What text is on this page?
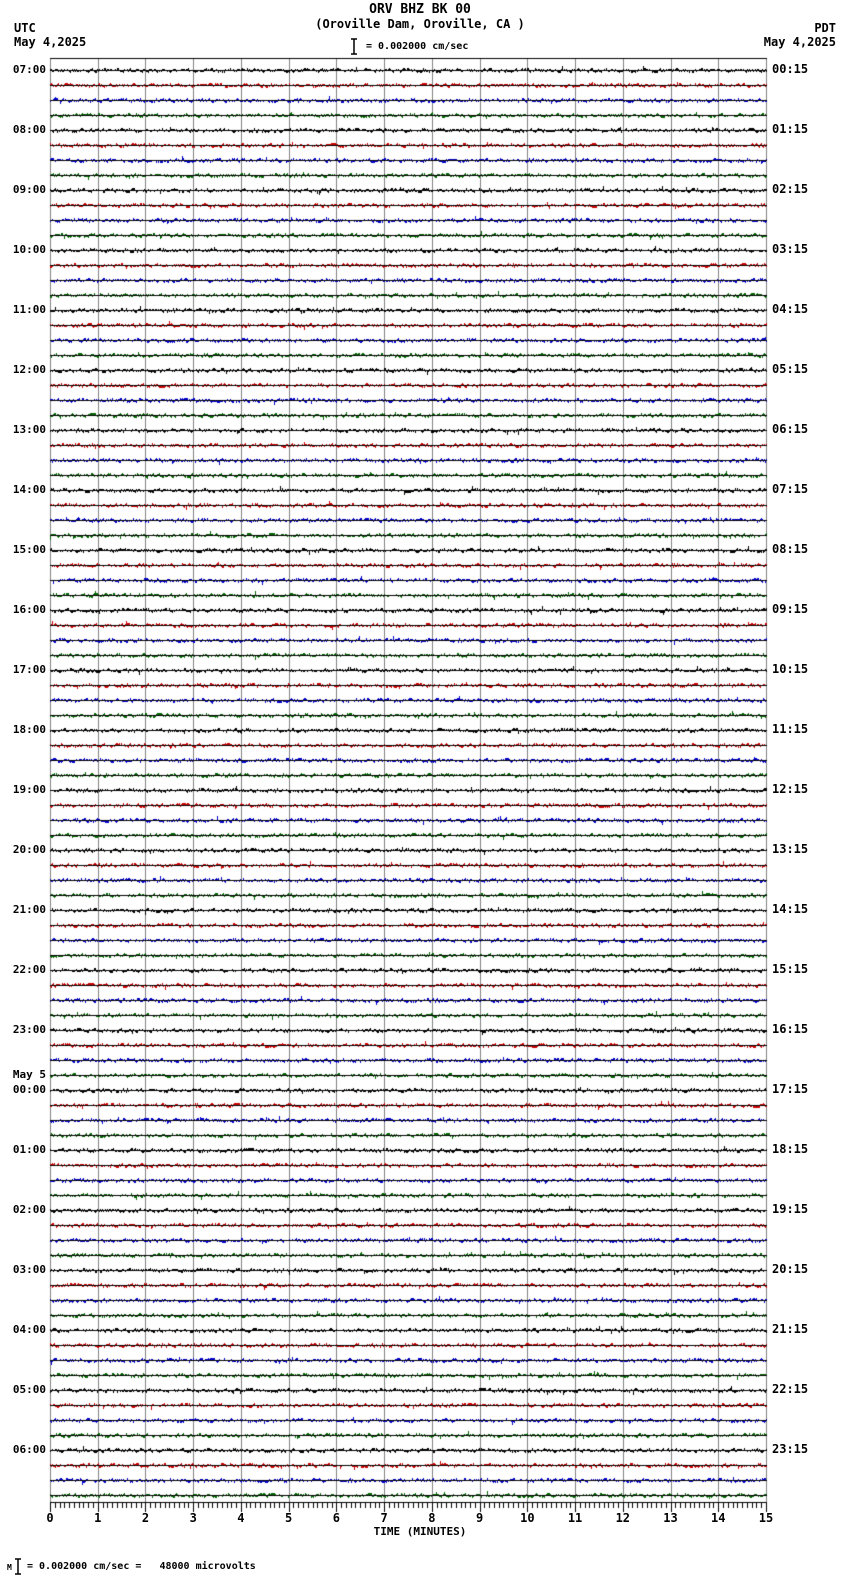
ORV BHZ BK 00
(Oroville Dam, Oroville, CA )
UTC
May 4,2025
PDT
May 4,2025
= 0.002000 cm/sec
07:00	00:15
08:00	01:15
09:00	02:15
10:00	03:15
11:00	04:15
12:00	05:15
13:00	06:15
14:00	07:15
15:00	08:15
16:00	09:15
17:00	10:15
18:00	11:15
19:00	12:15
20:00	13:15
21:00	14:15
22:00	15:15
23:00	16:15
May 5
00:00	17:15
01:00	18:15
02:00	19:15
03:00	20:15
04:00	21:15
05:00	22:15
06:00	23:15
0	1	2	3	4	5	6	7	8	9	10	11	12	13	14	15
TIME (MINUTES)
M = 0.002000 cm/sec =   48000 microvolts
